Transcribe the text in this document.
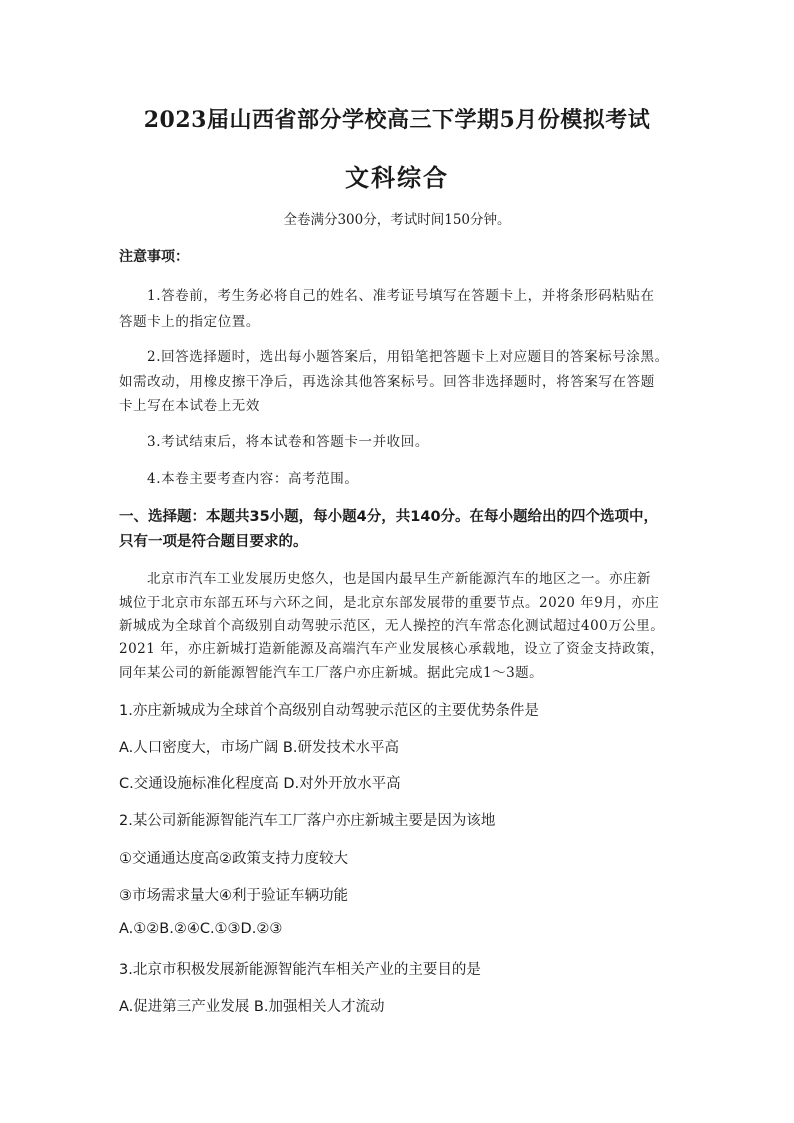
2023届山西省部分学校高三下学期5月份模拟考试
文科综合
全卷满分300分，考试时间150分钟。
注意事项：
1.答卷前，考生务必将自己的姓名、准考证号填写在答题卡上，并将条形码粘贴在
答题卡上的指定位置。
2.回答选择题时，选出每小题答案后，用铅笔把答题卡上对应题目的答案标号涂黑。
如需改动，用橡皮擦干净后，再选涂其他答案标号。回答非选择题时，将答案写在答题
卡上写在本试卷上无效
3.考试结束后，将本试卷和答题卡一并收回。
4.本卷主要考查内容：高考范围。
一、选择题：本题共35小题，每小题4分，共140分。在每小题给出的四个选项中，
只有一项是符合题目要求的。
北京市汽车工业发展历史悠久，也是国内最早生产新能源汽车的地区之一。亦庄新
城位于北京市东部五环与六环之间，是北京东部发展带的重要节点。2020 年9月，亦庄
新城成为全球首个高级别自动驾驶示范区，无人操控的汽车常态化测试超过400万公里。
2021 年，亦庄新城打造新能源及高端汽车产业发展核心承载地，设立了资金支持政策，
同年某公司的新能源智能汽车工厂落户亦庄新城。据此完成1～3题。
1.亦庄新城成为全球首个高级别自动驾驶示范区的主要优势条件是
A.人口密度大，市场广阔 B.研发技术水平高
C.交通设施标准化程度高 D.对外开放水平高
2.某公司新能源智能汽车工厂落户亦庄新城主要是因为该地
①交通通达度高②政策支持力度较大
③市场需求量大④利于验证车辆功能
A.①②B.②④C.①③D.②③
3.北京市积极发展新能源智能汽车相关产业的主要目的是
A.促进第三产业发展 B.加强相关人才流动
